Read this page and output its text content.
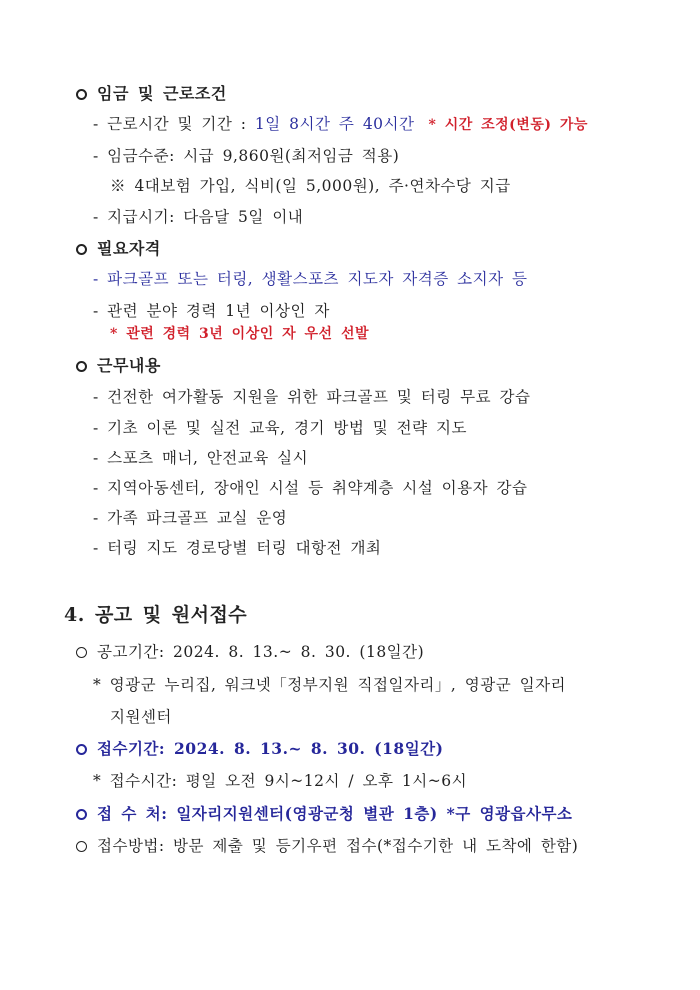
임금 및 근로조건
- 근로시간 및 기간 : 1일 8시간 주 40시간 * 시간 조정(변동) 가능
- 임금수준: 시급 9,860원(최저임금 적용)
※ 4대보험 가입, 식비(일 5,000원), 주·연차수당 지급
- 지급시기: 다음달 5일 이내
필요자격
- 파크골프 또는 터링, 생활스포츠 지도자 자격증 소지자 등
- 관련 분야 경력 1년 이상인 자
* 관련 경력 3년 이상인 자 우선 선발
근무내용
- 건전한 여가활동 지원을 위한 파크골프 및 터링 무료 강습
- 기초 이론 및 실전 교육, 경기 방법 및 전략 지도
- 스포츠 매너, 안전교육 실시
- 지역아동센터, 장애인 시설 등 취약계층 시설 이용자 강습
- 가족 파크골프 교실 운영
- 터링 지도 경로당별 터링 대항전 개최
4. 공고 및 원서접수
공고기간: 2024. 8. 13.~ 8. 30. (18일간)
* 영광군 누리집, 워크넷「정부지원 직접일자리」, 영광군 일자리
지원센터
접수기간: 2024. 8. 13.~ 8. 30. (18일간)
* 접수시간: 평일 오전 9시~12시 / 오후 1시~6시
접 수 처: 일자리지원센터(영광군청 별관 1층) *구 영광읍사무소
접수방법: 방문 제출 및 등기우편 접수(*접수기한 내 도착에 한함)
